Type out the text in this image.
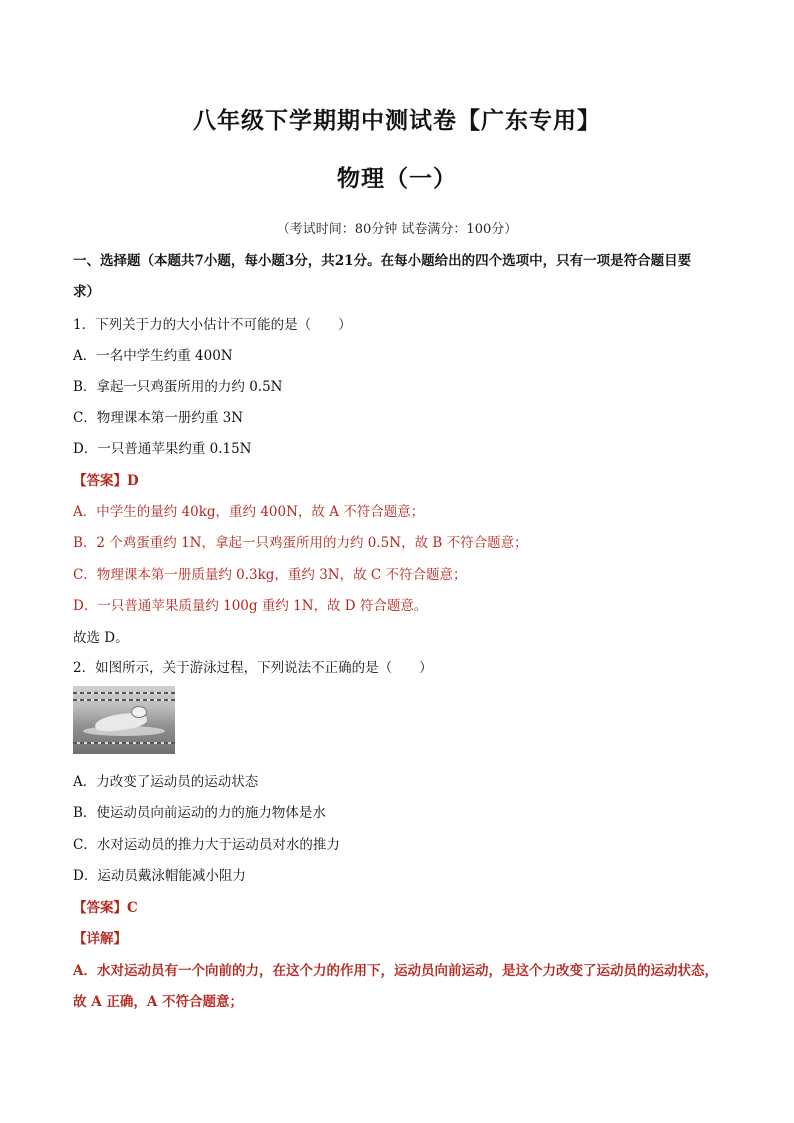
八年级下学期期中测试卷【广东专用】
物理（一）
（考试时间：80分钟 试卷满分：100分）
一、选择题（本题共7小题，每小题3分，共21分。在每小题给出的四个选项中，只有一项是符合题目要
求）
1．下列关于力的大小估计不可能的是（　　）
A．一名中学生约重 400N
B．拿起一只鸡蛋所用的力约 0.5N
C．物理课本第一册约重 3N
D．一只普通苹果约重 0.15N
【答案】D
A．中学生的量约 40kg，重约 400N，故 A 不符合题意；
B．2 个鸡蛋重约 1N，拿起一只鸡蛋所用的力约 0.5N，故 B 不符合题意；
C．物理课本第一册质量约 0.3kg，重约 3N，故 C 不符合题意；
D．一只普通苹果质量约 100g 重约 1N，故 D 符合题意。
故选 D。
2．如图所示，关于游泳过程，下列说法不正确的是（　　）
A．力改变了运动员的运动状态
B．使运动员向前运动的力的施力物体是水
C．水对运动员的推力大于运动员对水的推力
D．运动员戴泳帽能减小阻力
【答案】C
【详解】
A．水对运动员有一个向前的力，在这个力的作用下，运动员向前运动，是这个力改变了运动员的运动状态，
故 A 正确，A 不符合题意；
